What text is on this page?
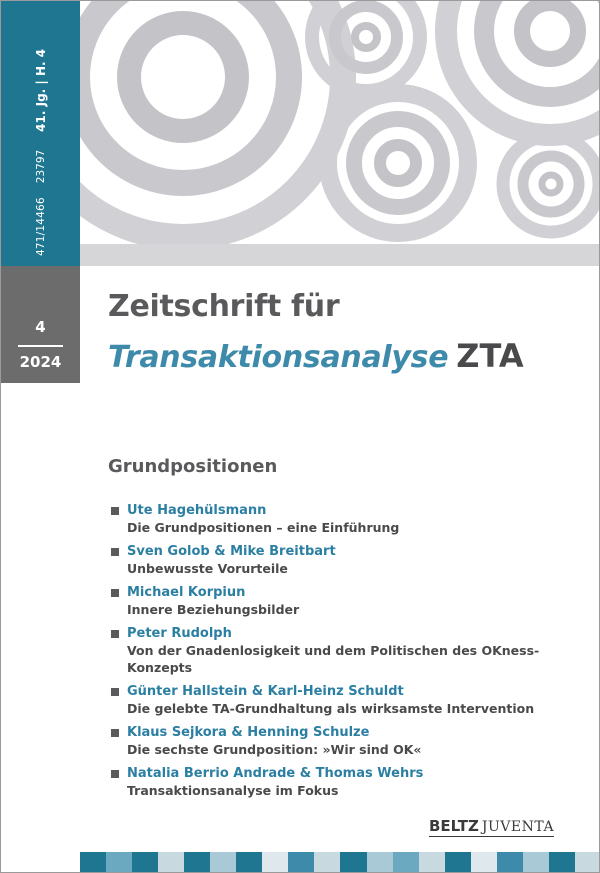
471/14466
23797
41. Jg. | H. 4
4
2024
Zeitschrift für
Transaktionsanalyse ZTA
Grundpositionen
Ute Hagehülsmann
Die Grundpositionen – eine Einführung
Sven Golob & Mike Breitbart
Unbewusste Vorurteile
Michael Korpiun
Innere Beziehungsbilder
Peter Rudolph
Von der Gnadenlosigkeit und dem Politischen des OKness-Konzepts
Günter Hallstein & Karl-Heinz Schuldt
Die gelebte TA-Grundhaltung als wirksamste Intervention
Klaus Sejkora & Henning Schulze
Die sechste Grundposition: »Wir sind OK«
Natalia Berrio Andrade & Thomas Wehrs
Transaktionsanalyse im Fokus
BELTZ JUVENTA
